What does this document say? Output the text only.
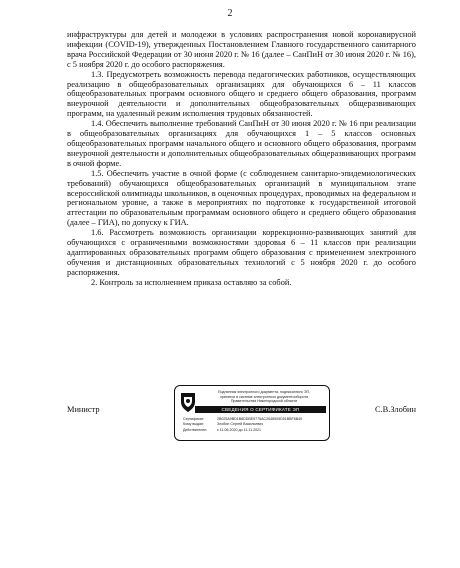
2

инфраструктуры для детей и молодежи в условиях распространения новой коронавирусной инфекции (COVID-19), утвержденных Постановлением Главного государственного санитарного врача Российской Федерации от 30 июня 2020 г. № 16 (далее – СанПиН от 30 июня 2020 г. № 16), с 5 ноября 2020 г. до особого распоряжения.

1.3. Предусмотреть возможность перевода педагогических работников, осуществляющих реализацию в общеобразовательных организациях для обучающихся 6 – 11 классов общеобразовательных программ основного общего и среднего общего образования, программ внеурочной деятельности и дополнительных общеобразовательных общеразвивающих программ, на удаленный режим исполнения трудовых обязанностей.

1.4. Обеспечить выполнение требований СанПиН от 30 июня 2020 г. № 16 при реализации в общеобразовательных организациях для обучающихся 1 – 5 классов основных общеобразовательных программ начального общего и основного общего образования, программ внеурочной деятельности и дополнительных общеобразовательных общеразвивающих программ в очной форме.

1.5. Обеспечить участие в очной форме (с соблюдением санитарно-эпидемиологических требований) обучающихся общеобразовательных организаций в муниципальном этапе всероссийской олимпиады школьников, в оценочных процедурах, проводимых на федеральном и региональном уровне, а также в мероприятиях по подготовке к государственной итоговой аттестации по образовательным программам основного общего и среднего общего образования (далее – ГИА), по допуску к ГИА.

1.6. Рассмотреть возможность организации коррекционно-развивающих занятий для обучающихся с ограниченными возможностями здоровья 6 – 11 классов при реализации адаптированных образовательных программ общего образования с применением электронного обучения и дистанционных образовательных технологий с 5 ноября 2020 г. до особого распоряжения.

2. Контроль за исполнением приказа оставляю за собой.

Министр	С.В.Злобин
Подлинник электронного документа, подписанного ЭП,
хранится в системе электронного документооборота
Правительства Нижегородской области
СВЕДЕНИЯ О СЕРТИФИКАТЕ ЭП
Сертификат:	2B025A9BD1B8DDBE9775AC2648905D51BBF6B45
Кому выдан:	Злобин Сергей Васильевич
Действителен:	с 11.06.2020 до 11.11.2021
